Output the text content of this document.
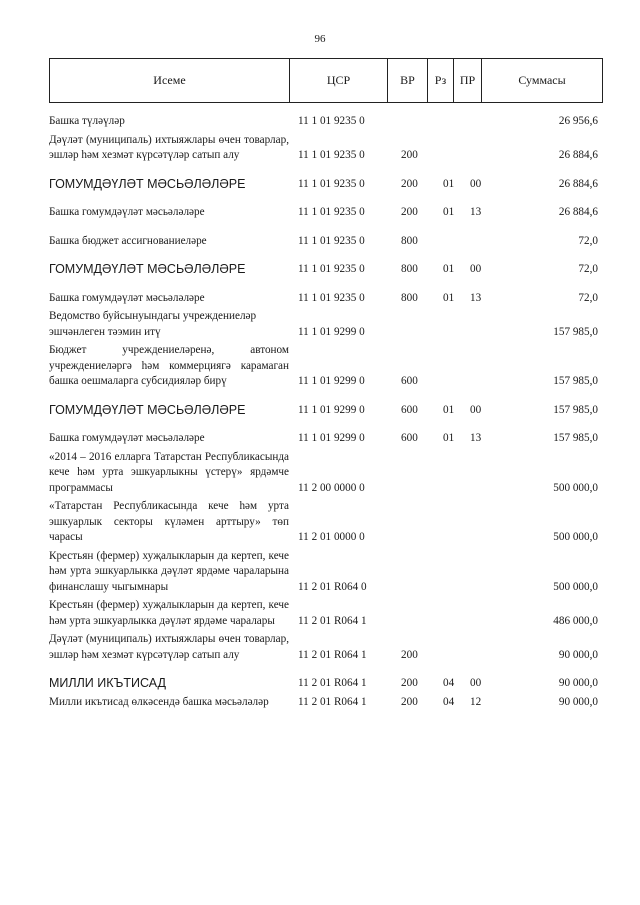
96
Исеме	ЦСР	ВР	Рз	ПР	Суммасы
Башка түләүләр	11 1 01 9235 0	26 956,6
Дәүләт (муниципаль) ихтыяжлары өчен товарлар, эшләр һәм хезмәт күрсәтүләр сатып алу	11 1 01 9235 0	200	26 884,6
ГОМУМДӘҮЛӘТ МӘСЬӘЛӘЛӘРЕ	11 1 01 9235 0	200 01 00	26 884,6
Башка гомумдәүләт мәсьәләләре	11 1 01 9235 0	200 01 13	26 884,6
Башка бюджет ассигнованиеләре	11 1 01 9235 0	800	72,0
ГОМУМДӘҮЛӘТ МӘСЬӘЛӘЛӘРЕ	11 1 01 9235 0	800 01 00	72,0
Башка гомумдәүләт мәсьәләләре	11 1 01 9235 0	800 01 13	72,0
Ведомство буйсынуындагы учреждениеләр эшчәнлеген тәэмин итү	11 1 01 9299 0	157 985,0
Бюджет учреждениеләренә, автоном учреждениеләргә һәм коммерциягә карамаган башка оешмаларга субсидияләр бирү	11 1 01 9299 0	600	157 985,0
ГОМУМДӘҮЛӘТ МӘСЬӘЛӘЛӘРЕ	11 1 01 9299 0	600 01 00	157 985,0
Башка гомумдәүләт мәсьәләләре	11 1 01 9299 0	600 01 13	157 985,0
«2014 – 2016 елларга Татарстан Республикасында кече һәм урта эшкуарлыкны үстерү» ярдәмче программасы	11 2 00 0000 0	500 000,0
«Татарстан Республикасында кече һәм урта эшкуарлык секторы күләмен арттыру» төп чарасы	11 2 01 0000 0	500 000,0
Крестьян (фермер) хуҗалыкларын да кертеп, кече һәм урта эшкуарлыкка дәүләт ярдәме чараларына финанслашу чыгымнары	11 2 01 R064 0	500 000,0
Крестьян (фермер) хуҗалыкларын да кертеп, кече һәм урта эшкуарлыкка дәүләт ярдәме чаралары	11 2 01 R064 1	486 000,0
Дәүләт (муниципаль) ихтыяжлары өчен товарлар, эшләр һәм хезмәт күрсәтүләр сатып алу	11 2 01 R064 1	200	90 000,0
МИЛЛИ ИКЪТИСАД	11 2 01 R064 1	200 04 00	90 000,0
Милли икътисад өлкәсендә башка мәсьәләләр	11 2 01 R064 1	200 04 12	90 000,0
